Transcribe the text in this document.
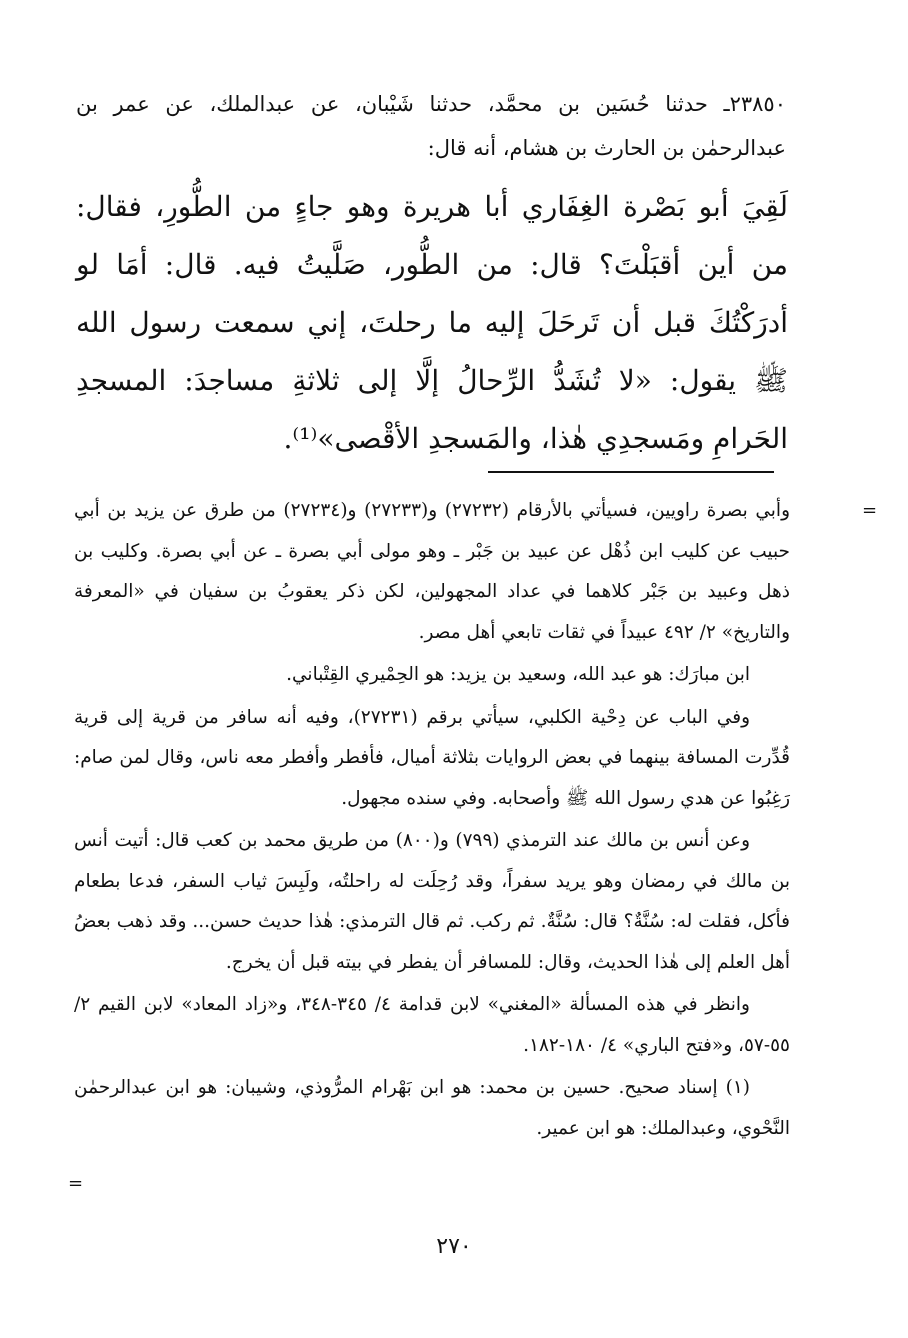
٢٣٨٥٠ـ حدثنا حُسَين بن محمَّد، حدثنا شَيْبان، عن عبدالملك، عن عمر بن عبدالرحمٰن بن الحارث بن هشام، أنه قال:
لَقِيَ أبو بَصْرة الغِفَاري أبا هريرة وهو جاءٍ من الطُّورِ، فقال: من أين أقبَلْتَ؟ قال: من الطُّور، صَلَّيتُ فيه. قال: أمَا لو أدرَكْتُكَ قبل أن تَرحَلَ إليه ما رحلتَ، إني سمعت رسول الله ﷺ يقول: «لا تُشَدُّ الرِّحالُ إلَّا إلى ثلاثةِ مساجدَ: المسجدِ الحَرامِ ومَسجدِي هٰذا، والمَسجدِ الأقْصى»⁽¹⁾.
=

وأبي بصرة راويين، فسيأتي بالأرقام (٢٧٢٣٢) و(٢٧٢٣٣) و(٢٧٢٣٤) من طرق عن يزيد بن أبي حبيب عن كليب ابن ذُهْل عن عبيد بن جَبْر ـ وهو مولى أبي بصرة ـ عن أبي بصرة. وكليب بن ذهل وعبيد بن جَبْر كلاهما في عداد المجهولين، لكن ذكر يعقوبُ بن سفيان في «المعرفة والتاريخ» ٢/ ٤٩٢ عبيداً في ثقات تابعي أهل مصر.

ابن مبارَك: هو عبد الله، وسعيد بن يزيد: هو الحِمْيري القِتْباني.

وفي الباب عن دِحْية الكلبي، سيأتي برقم (٢٧٢٣١)، وفيه أنه سافر من قرية إلى قرية قُدِّرت المسافة بينهما في بعض الروايات بثلاثة أميال، فأفطر وأفطر معه ناس، وقال لمن صام: رَغِبُوا عن هدي رسول الله ﷺ وأصحابه. وفي سنده مجهول.

وعن أنس بن مالك عند الترمذي (٧٩٩) و(٨٠٠) من طريق محمد بن كعب قال: أتيت أنس بن مالك في رمضان وهو يريد سفراً، وقد رُحِلَت له راحلتُه، ولَبِسَ ثياب السفر، فدعا بطعام فأكل، فقلت له: سُنَّةٌ؟ قال: سُنَّةٌ. ثم ركب. ثم قال الترمذي: هٰذا حديث حسن... وقد ذهب بعضُ أهل العلم إلى هٰذا الحديث، وقال: للمسافر أن يفطر في بيته قبل أن يخرج.

وانظر في هذه المسألة «المغني» لابن قدامة ٤/ ٣٤٥-٣٤٨، و«زاد المعاد» لابن القيم ٢/ ٥٥-٥٧، و«فتح الباري» ٤/ ١٨٠-١٨٢.

(١) إسناد صحيح. حسين بن محمد: هو ابن بَهْرام المرُّوذي، وشيبان: هو ابن عبدالرحمٰن النَّحْوي، وعبدالملك: هو ابن عمير.

=
٢٧٠
